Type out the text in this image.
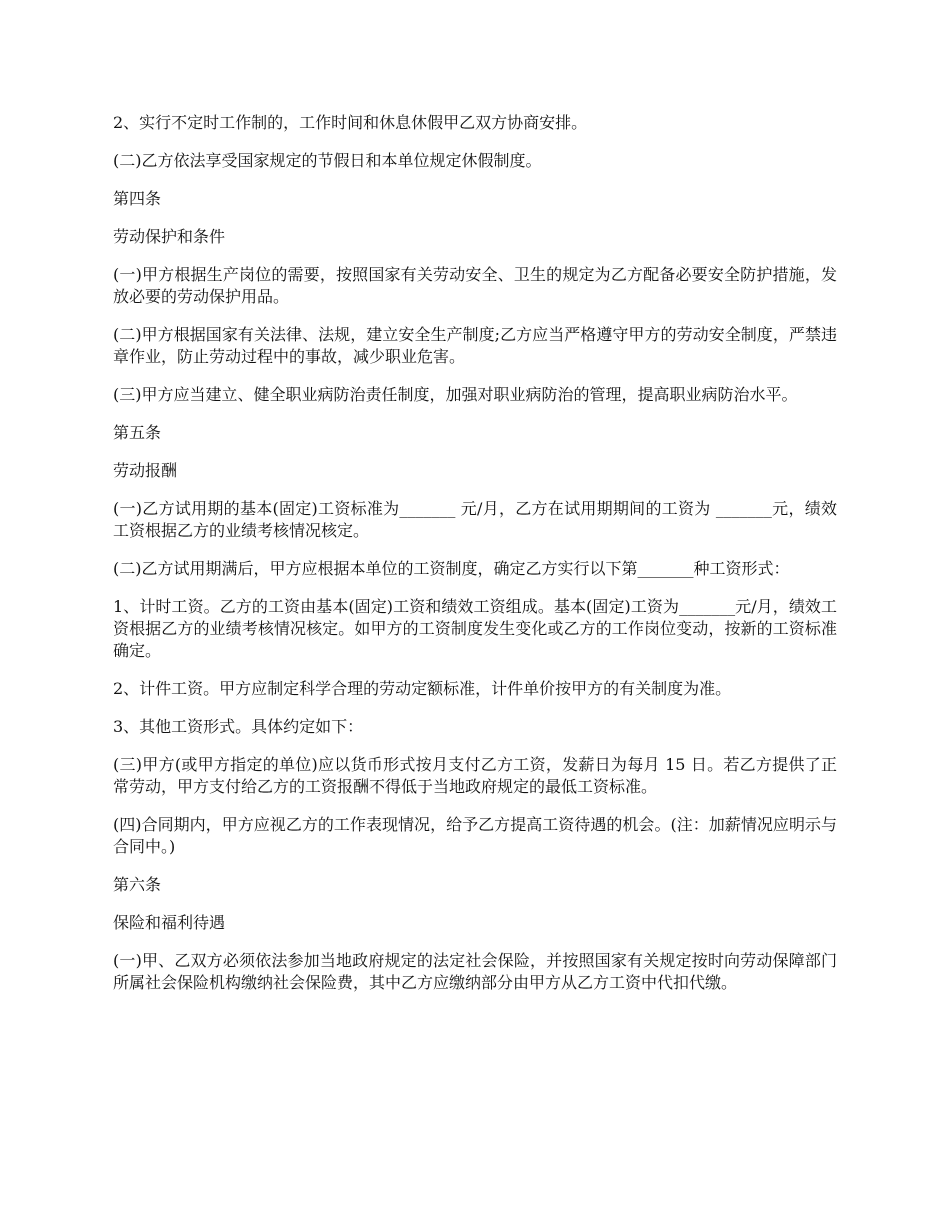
2、实行不定时工作制的，工作时间和休息休假甲乙双方协商安排。

(二)乙方依法享受国家规定的节假日和本单位规定休假制度。

第四条

劳动保护和条件

(一)甲方根据生产岗位的需要，按照国家有关劳动安全、卫生的规定为乙方配备必要安全防护措施，发放必要的劳动保护用品。

(二)甲方根据国家有关法律、法规，建立安全生产制度;乙方应当严格遵守甲方的劳动安全制度，严禁违章作业，防止劳动过程中的事故，减少职业危害。

(三)甲方应当建立、健全职业病防治责任制度，加强对职业病防治的管理，提高职业病防治水平。

第五条

劳动报酬

(一)乙方试用期的基本(固定)工资标准为_______ 元/月，乙方在试用期期间的工资为 _______元，绩效工资根据乙方的业绩考核情况核定。

(二)乙方试用期满后，甲方应根据本单位的工资制度，确定乙方实行以下第_______种工资形式：

1、计时工资。乙方的工资由基本(固定)工资和绩效工资组成。基本(固定)工资为_______元/月，绩效工资根据乙方的业绩考核情况核定。如甲方的工资制度发生变化或乙方的工作岗位变动，按新的工资标准确定。

2、计件工资。甲方应制定科学合理的劳动定额标准，计件单价按甲方的有关制度为准。

3、其他工资形式。具体约定如下：

(三)甲方(或甲方指定的单位)应以货币形式按月支付乙方工资，发薪日为每月 15 日。若乙方提供了正常劳动，甲方支付给乙方的工资报酬不得低于当地政府规定的最低工资标准。

(四)合同期内，甲方应视乙方的工作表现情况，给予乙方提高工资待遇的机会。(注：加薪情况应明示与合同中。)

第六条

保险和福利待遇

(一)甲、乙双方必须依法参加当地政府规定的法定社会保险，并按照国家有关规定按时向劳动保障部门所属社会保险机构缴纳社会保险费，其中乙方应缴纳部分由甲方从乙方工资中代扣代缴。
